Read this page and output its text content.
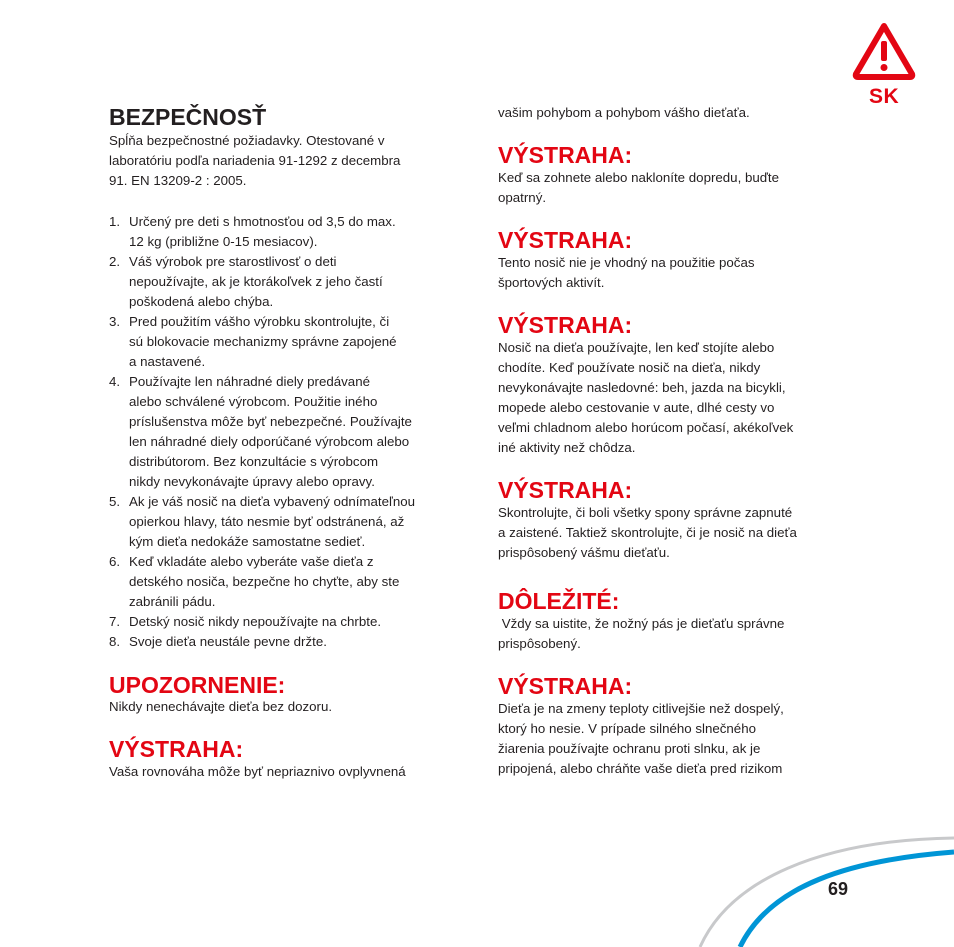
SK
BEZPEČNOSŤ

Spĺňa bezpečnostné požiadavky. Otestované v

laboratóriu podľa nariadenia 91-1292 z decembra

91. EN 13209-2 : 2005.

1. Určený pre deti s hmotnosťou od 3,5 do max.
12 kg (približne 0-15 mesiacov).
2. Váš výrobok pre starostlivosť o deti
nepoužívajte, ak je ktorákoľvek z jeho častí
poškodená alebo chýba.
3. Pred použitím vášho výrobku skontrolujte, či
sú blokovacie mechanizmy správne zapojené
a nastavené.
4. Používajte len náhradné diely predávané
alebo schválené výrobcom. Použitie iného
príslušenstva môže byť nebezpečné. Používajte
len náhradné diely odporúčané výrobcom alebo
distribútorom. Bez konzultácie s výrobcom
nikdy nevykonávajte úpravy alebo opravy.
5. Ak je váš nosič na dieťa vybavený odnímateľnou
opierkou hlavy, táto nesmie byť odstránená, až
kým dieťa nedokáže samostatne sedieť.
6. Keď vkladáte alebo vyberáte vaše dieťa z
detského nosiča, bezpečne ho chyťte, aby ste
zabránili pádu.
7. Detský nosič nikdy nepoužívajte na chrbte.
8. Svoje dieťa neustále pevne držte.
UPOZORNENIE:

Nikdy nenechávajte dieťa bez dozoru.

VÝSTRAHA:

Vaša rovnováha môže byť nepriaznivo ovplyvnená

vašim pohybom a pohybom vášho dieťaťa.

VÝSTRAHA:

Keď sa zohnete alebo nakloníte dopredu, buďte

opatrný.

VÝSTRAHA:

Tento nosič nie je vhodný na použitie počas

športových aktivít.

VÝSTRAHA:

Nosič na dieťa používajte, len keď stojíte alebo

chodíte. Keď používate nosič na dieťa, nikdy

nevykonávajte nasledovné: beh, jazda na bicykli,

mopede alebo cestovanie v aute, dlhé cesty vo

veľmi chladnom alebo horúcom počasí, akékoľvek

iné aktivity než chôdza.

VÝSTRAHA:

Skontrolujte, či boli všetky spony správne zapnuté

a zaistené. Taktiež skontrolujte, či je nosič na dieťa

prispôsobený vášmu dieťaťu.

DÔLEŽITÉ:

Vždy sa uistite, že nožný pás je dieťaťu správne

prispôsobený.

VÝSTRAHA:

Dieťa je na zmeny teploty citlivejšie než dospelý,

ktorý ho nesie. V prípade silného slnečného

žiarenia používajte ochranu proti slnku, ak je

pripojená, alebo chráňte vaše dieťa pred rizikom

69
